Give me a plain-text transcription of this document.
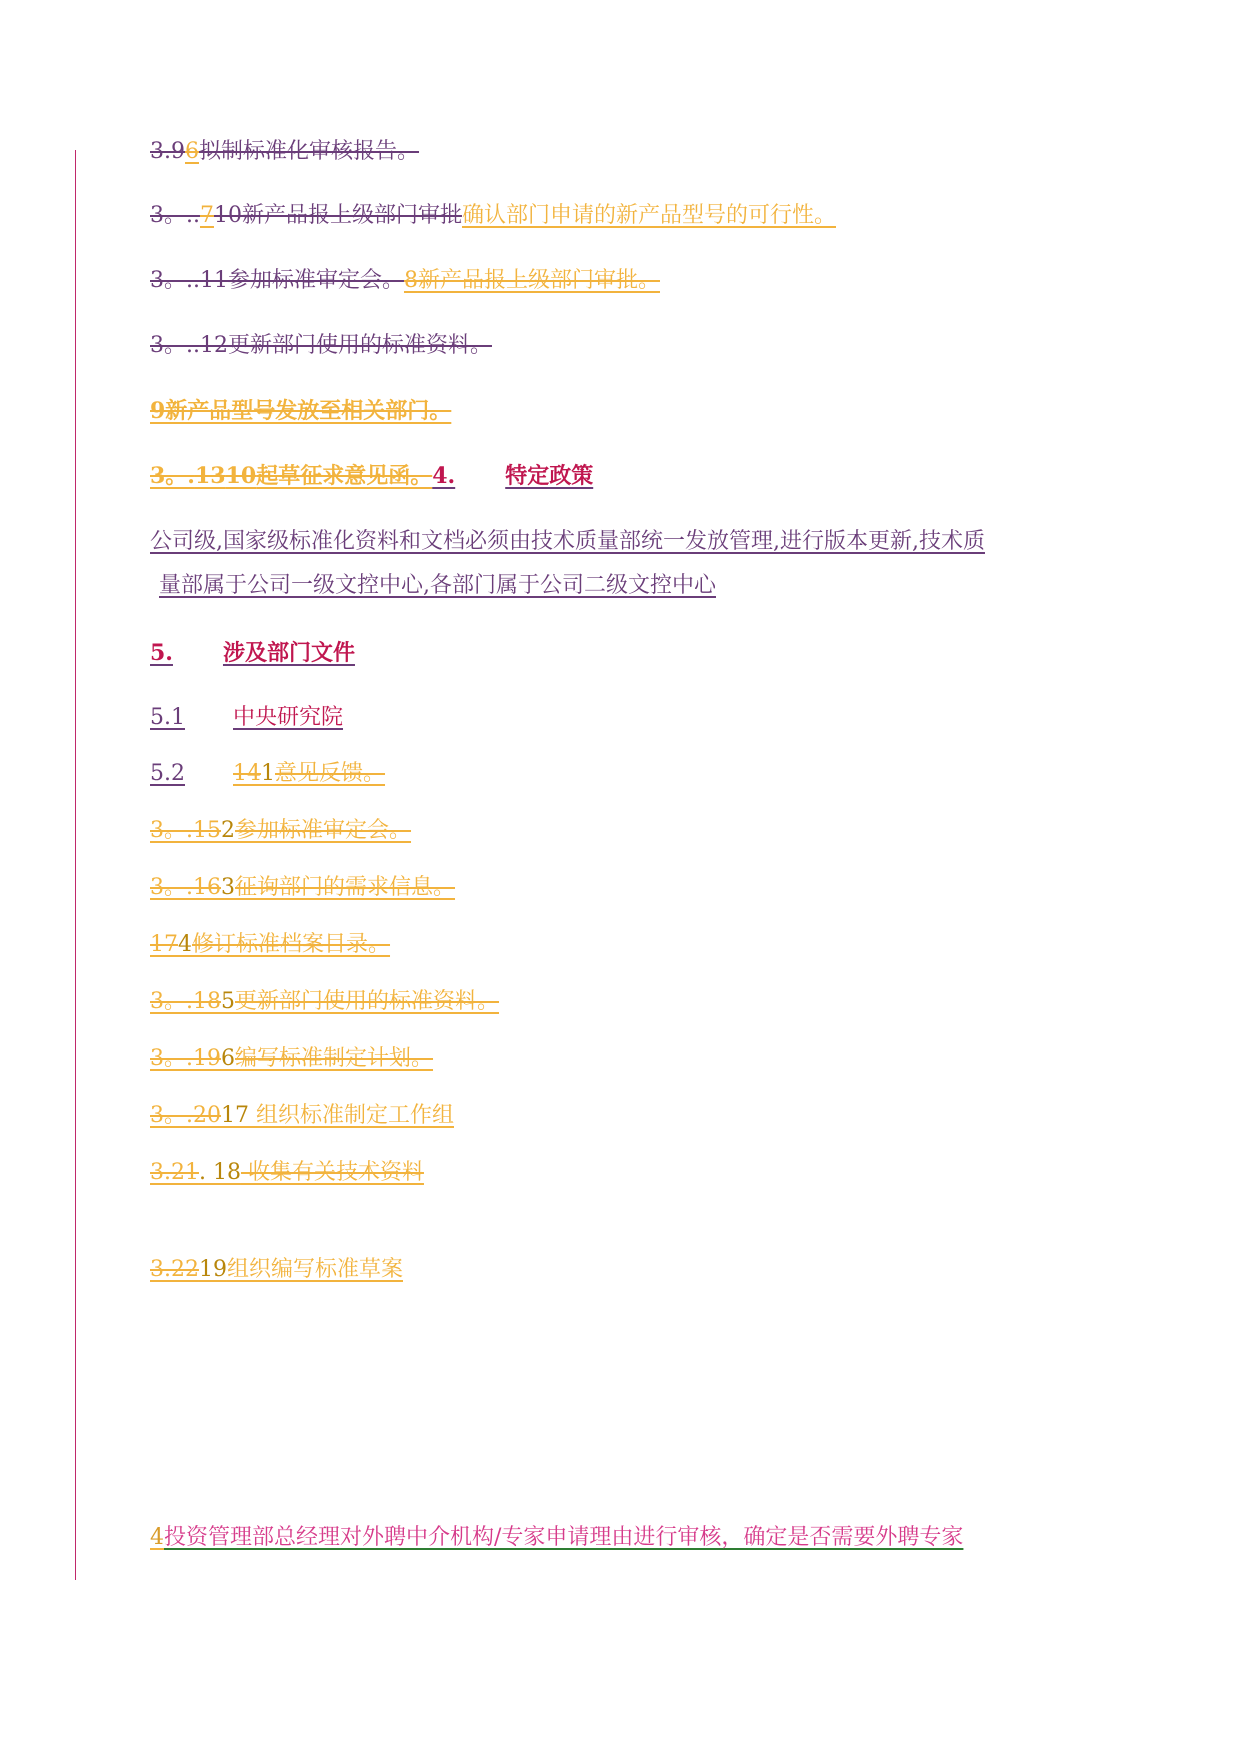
3.96拟制标准化审核报告。
3。..710新产品报上级部门审批确认部门申请的新产品型号的可行性。
3。..11参加标准审定会。8新产品报上级部门审批。
3。..12更新部门使用的标准资料。
9新产品型号发放至相关部门。
3。.1310起草征求意见函。4. 特定政策
公司级,国家级标准化资料和文档必须由技术质量部统一发放管理,进行版本更新,技术质
量部属于公司一级文控中心,各部门属于公司二级文控中心
5. 涉及部门文件
5.1 中央研究院
5.2 141意见反馈。
3。.152参加标准审定会。
3。.163征询部门的需求信息。
174修订标准档案目录。
3。.185更新部门使用的标准资料。
3。.196编写标准制定计划。
3。.2017 组织标准制定工作组
3.21. 18 收集有关技术资料
3.2219组织编写标准草案
4投资管理部总经理对外聘中介机构/专家申请理由进行审核，确定是否需要外聘专家
